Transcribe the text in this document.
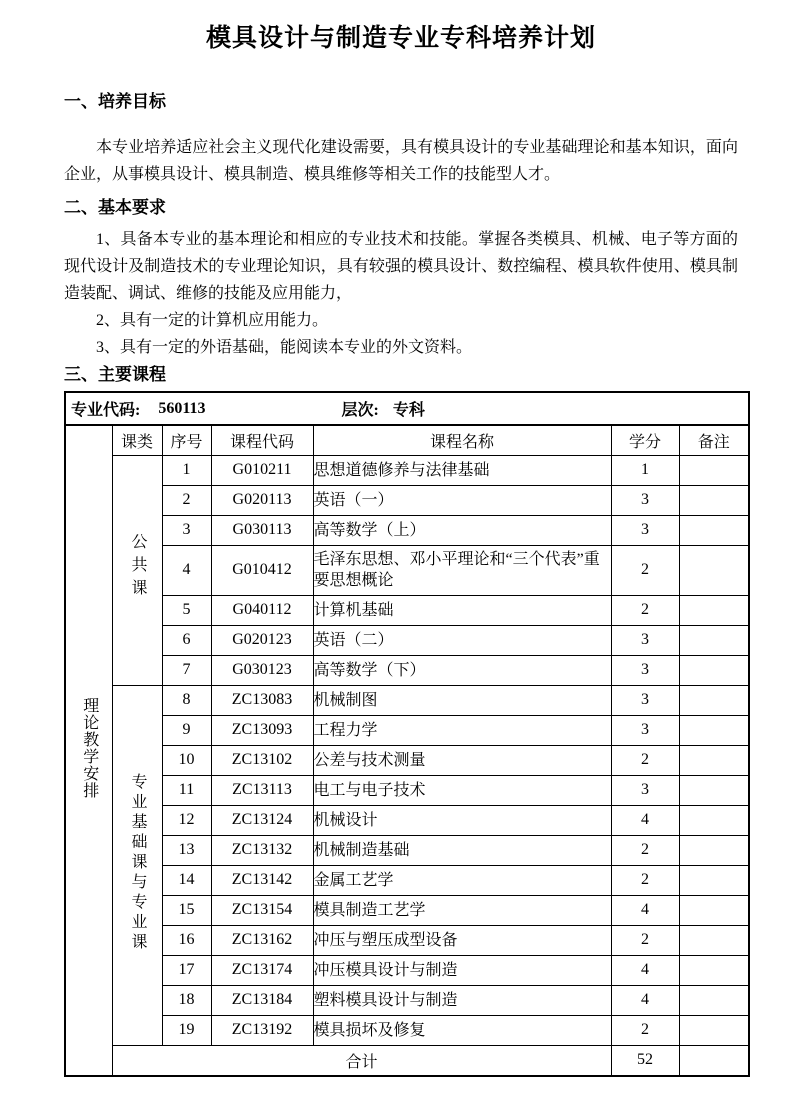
模具设计与制造专业专科培养计划
一、培养目标

本专业培养适应社会主义现代化建设需要，具有模具设计的专业基础理论和基本知识，面向企业，从事模具设计、模具制造、模具维修等相关工作的技能型人才。

二、基本要求

1、具备本专业的基本理论和相应的专业技术和技能。掌握各类模具、机械、电子等方面的现代设计及制造技术的专业理论知识，具有较强的模具设计、数控编程、模具软件使用、模具制造装配、调试、维修的技能及应用能力，

2、具有一定的计算机应用能力。

3、具有一定的外语基础，能阅读本专业的外文资料。

三、主要课程
专业代码: 560113 层次: 专科						

理论教学安排	课类	序号	课程代码	课程名称	学分	备注
	公共课	1	G010211	思想道德修养与法律基础	1	
		2	G020113	英语（一）	3	
		3	G030113	高等数学（上）	3	
		4	G010412	毛泽东思想、邓小平理论和“三个代表”重要思想概论	2	
		5	G040112	计算机基础	2	
		6	G020123	英语（二）	3	
		7	G030123	高等数学（下）	3	
	专业基础课与专业课	8	ZC13083	机械制图	3	
		9	ZC13093	工程力学	3	
		10	ZC13102	公差与技术测量	2	
		11	ZC13113	电工与电子技术	3	
		12	ZC13124	机械设计	4	
		13	ZC13132	机械制造基础	2	
		14	ZC13142	金属工艺学	2	
		15	ZC13154	模具制造工艺学	4	
		16	ZC13162	冲压与塑压成型设备	2	
		17	ZC13174	冲压模具设计与制造	4	
		18	ZC13184	塑料模具设计与制造	4	
		19	ZC13192	模具损坏及修复	2	
	合计				52	
